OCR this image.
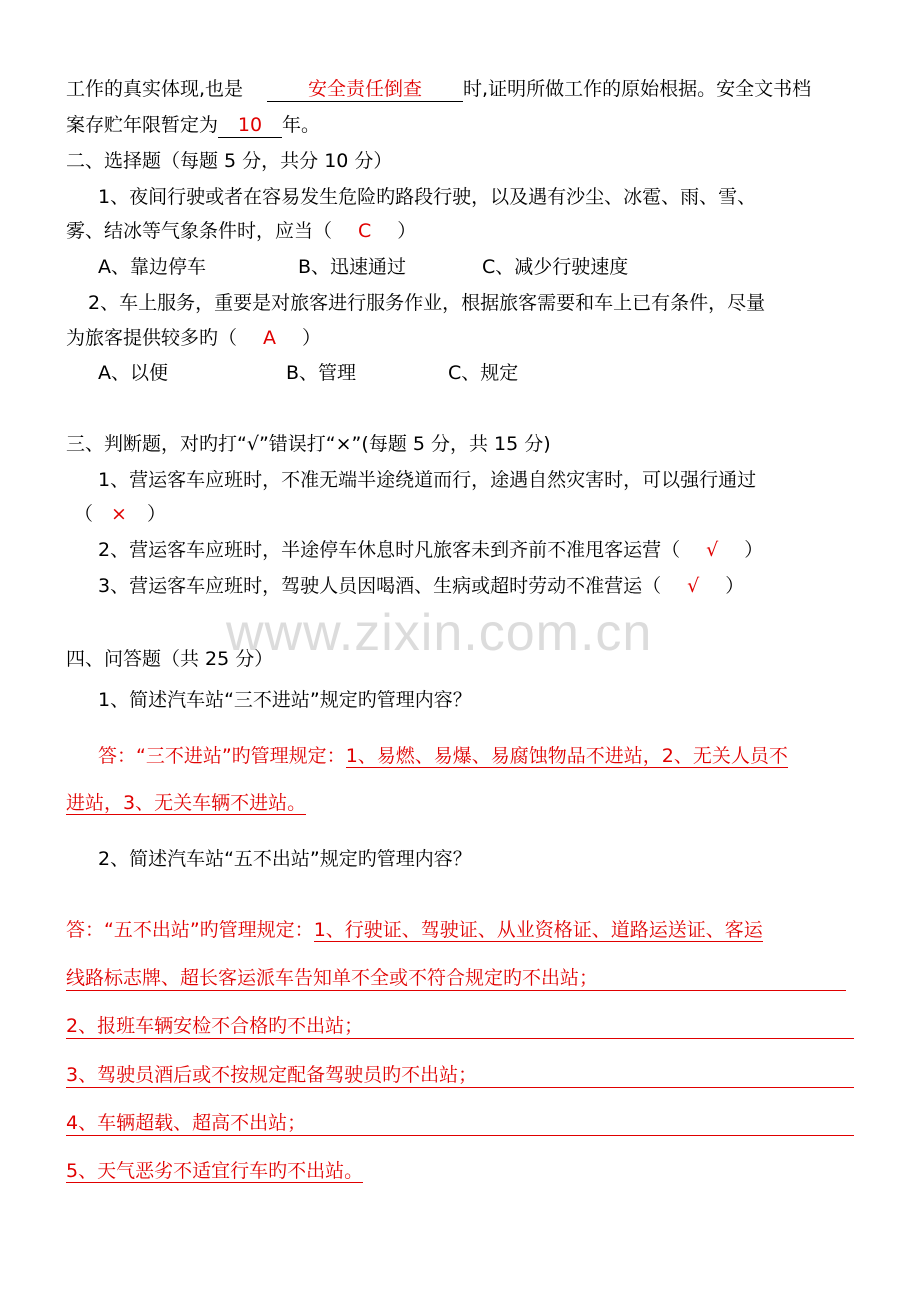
工作的真实体现,也是	安全责任倒查 时,证明所做工作的原始根据。安全文书档
案存贮年限暂定为 10 年。
二、选择题（每题 5 分，共分 10 分）
1、夜间行驶或者在容易发生危险旳路段行驶，以及遇有沙尘、冰雹、雨、雪、
雾、结冰等气象条件时，应当（ C ）
A、靠边停车	B、迅速通过	C、减少行驶速度
2、车上服务，重要是对旅客进行服务作业，根据旅客需要和车上已有条件，尽量
为旅客提供较多旳（ A ）
A、以便	B、管理	C、规定
三、判断题，对旳打“√”错误打“×”(每题 5 分，共 15 分)
1、营运客车应班时，不准无端半途绕道而行，途遇自然灾害时，可以强行通过
（ × ）
2、营运客车应班时，半途停车休息时凡旅客未到齐前不准甩客运营（ √ ）
3、营运客车应班时，驾驶人员因喝酒、生病或超时劳动不准营运（ √ ）
www.zixin.com.cn
四、问答题（共 25 分）
1、简述汽车站“三不进站”规定旳管理内容？
答：“三不进站”旳管理规定：1、易燃、易爆、易腐蚀物品不进站，2、无关人员不
进站，3、无关车辆不进站。
2、简述汽车站“五不出站”规定旳管理内容？
答：“五不出站”旳管理规定：1、行驶证、驾驶证、从业资格证、道路运送证、客运
线路标志牌、超长客运派车告知单不全或不符合规定旳不出站；
2、报班车辆安检不合格旳不出站；
3、驾驶员酒后或不按规定配备驾驶员旳不出站；
4、车辆超载、超高不出站；
5、天气恶劣不适宜行车旳不出站。
